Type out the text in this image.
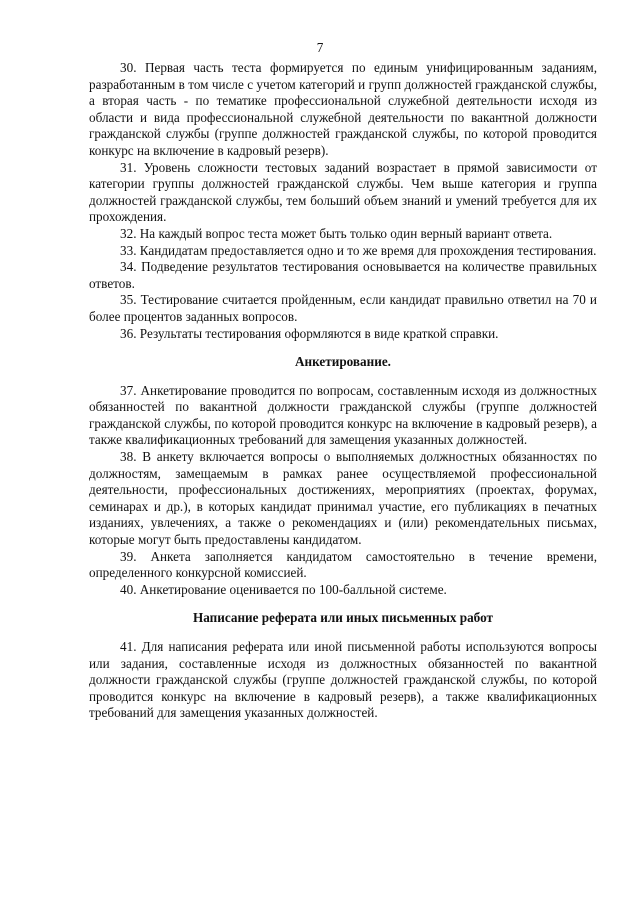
7

30. Первая часть теста формируется по единым унифицированным заданиям, разработанным в том числе с учетом категорий и групп должностей гражданской службы, а вторая часть - по тематике профессиональной служебной деятельности исходя из области и вида профессиональной служебной деятельности по вакантной должности гражданской службы (группе должностей гражданской службы, по которой проводится конкурс на включение в кадровый резерв).

31. Уровень сложности тестовых заданий возрастает в прямой зависимости от категории группы должностей гражданской службы. Чем выше категория и группа должностей гражданской службы, тем больший объем знаний и умений требуется для их прохождения.

32. На каждый вопрос теста может быть только один верный вариант ответа.

33. Кандидатам предоставляется одно и то же время для прохождения тестирования.

34. Подведение результатов тестирования основывается на количестве правильных ответов.

35. Тестирование считается пройденным, если кандидат правильно ответил на 70 и более процентов заданных вопросов.

36. Результаты тестирования оформляются в виде краткой справки.

Анкетирование.

37. Анкетирование проводится по вопросам, составленным исходя из должностных обязанностей по вакантной должности гражданской службы (группе должностей гражданской службы, по которой проводится конкурс на включение в кадровый резерв), а также квалификационных требований для замещения указанных должностей.

38. В анкету включается вопросы о выполняемых должностных обязанностях по должностям, замещаемым в рамках ранее осуществляемой профессиональной деятельности, профессиональных достижениях, мероприятиях (проектах, форумах, семинарах и др.), в которых кандидат принимал участие, его публикациях в печатных изданиях, увлечениях, а также о рекомендациях и (или) рекомендательных письмах, которые могут быть предоставлены кандидатом.

39. Анкета заполняется кандидатом самостоятельно в течение времени, определенного конкурсной комиссией.

40. Анкетирование оценивается по 100-балльной системе.

Написание реферата или иных письменных работ

41. Для написания реферата или иной письменной работы используются вопросы или задания, составленные исходя из должностных обязанностей по вакантной должности гражданской службы (группе должностей гражданской службы, по которой проводится конкурс на включение в кадровый резерв), а также квалификационных требований для замещения указанных должностей.
